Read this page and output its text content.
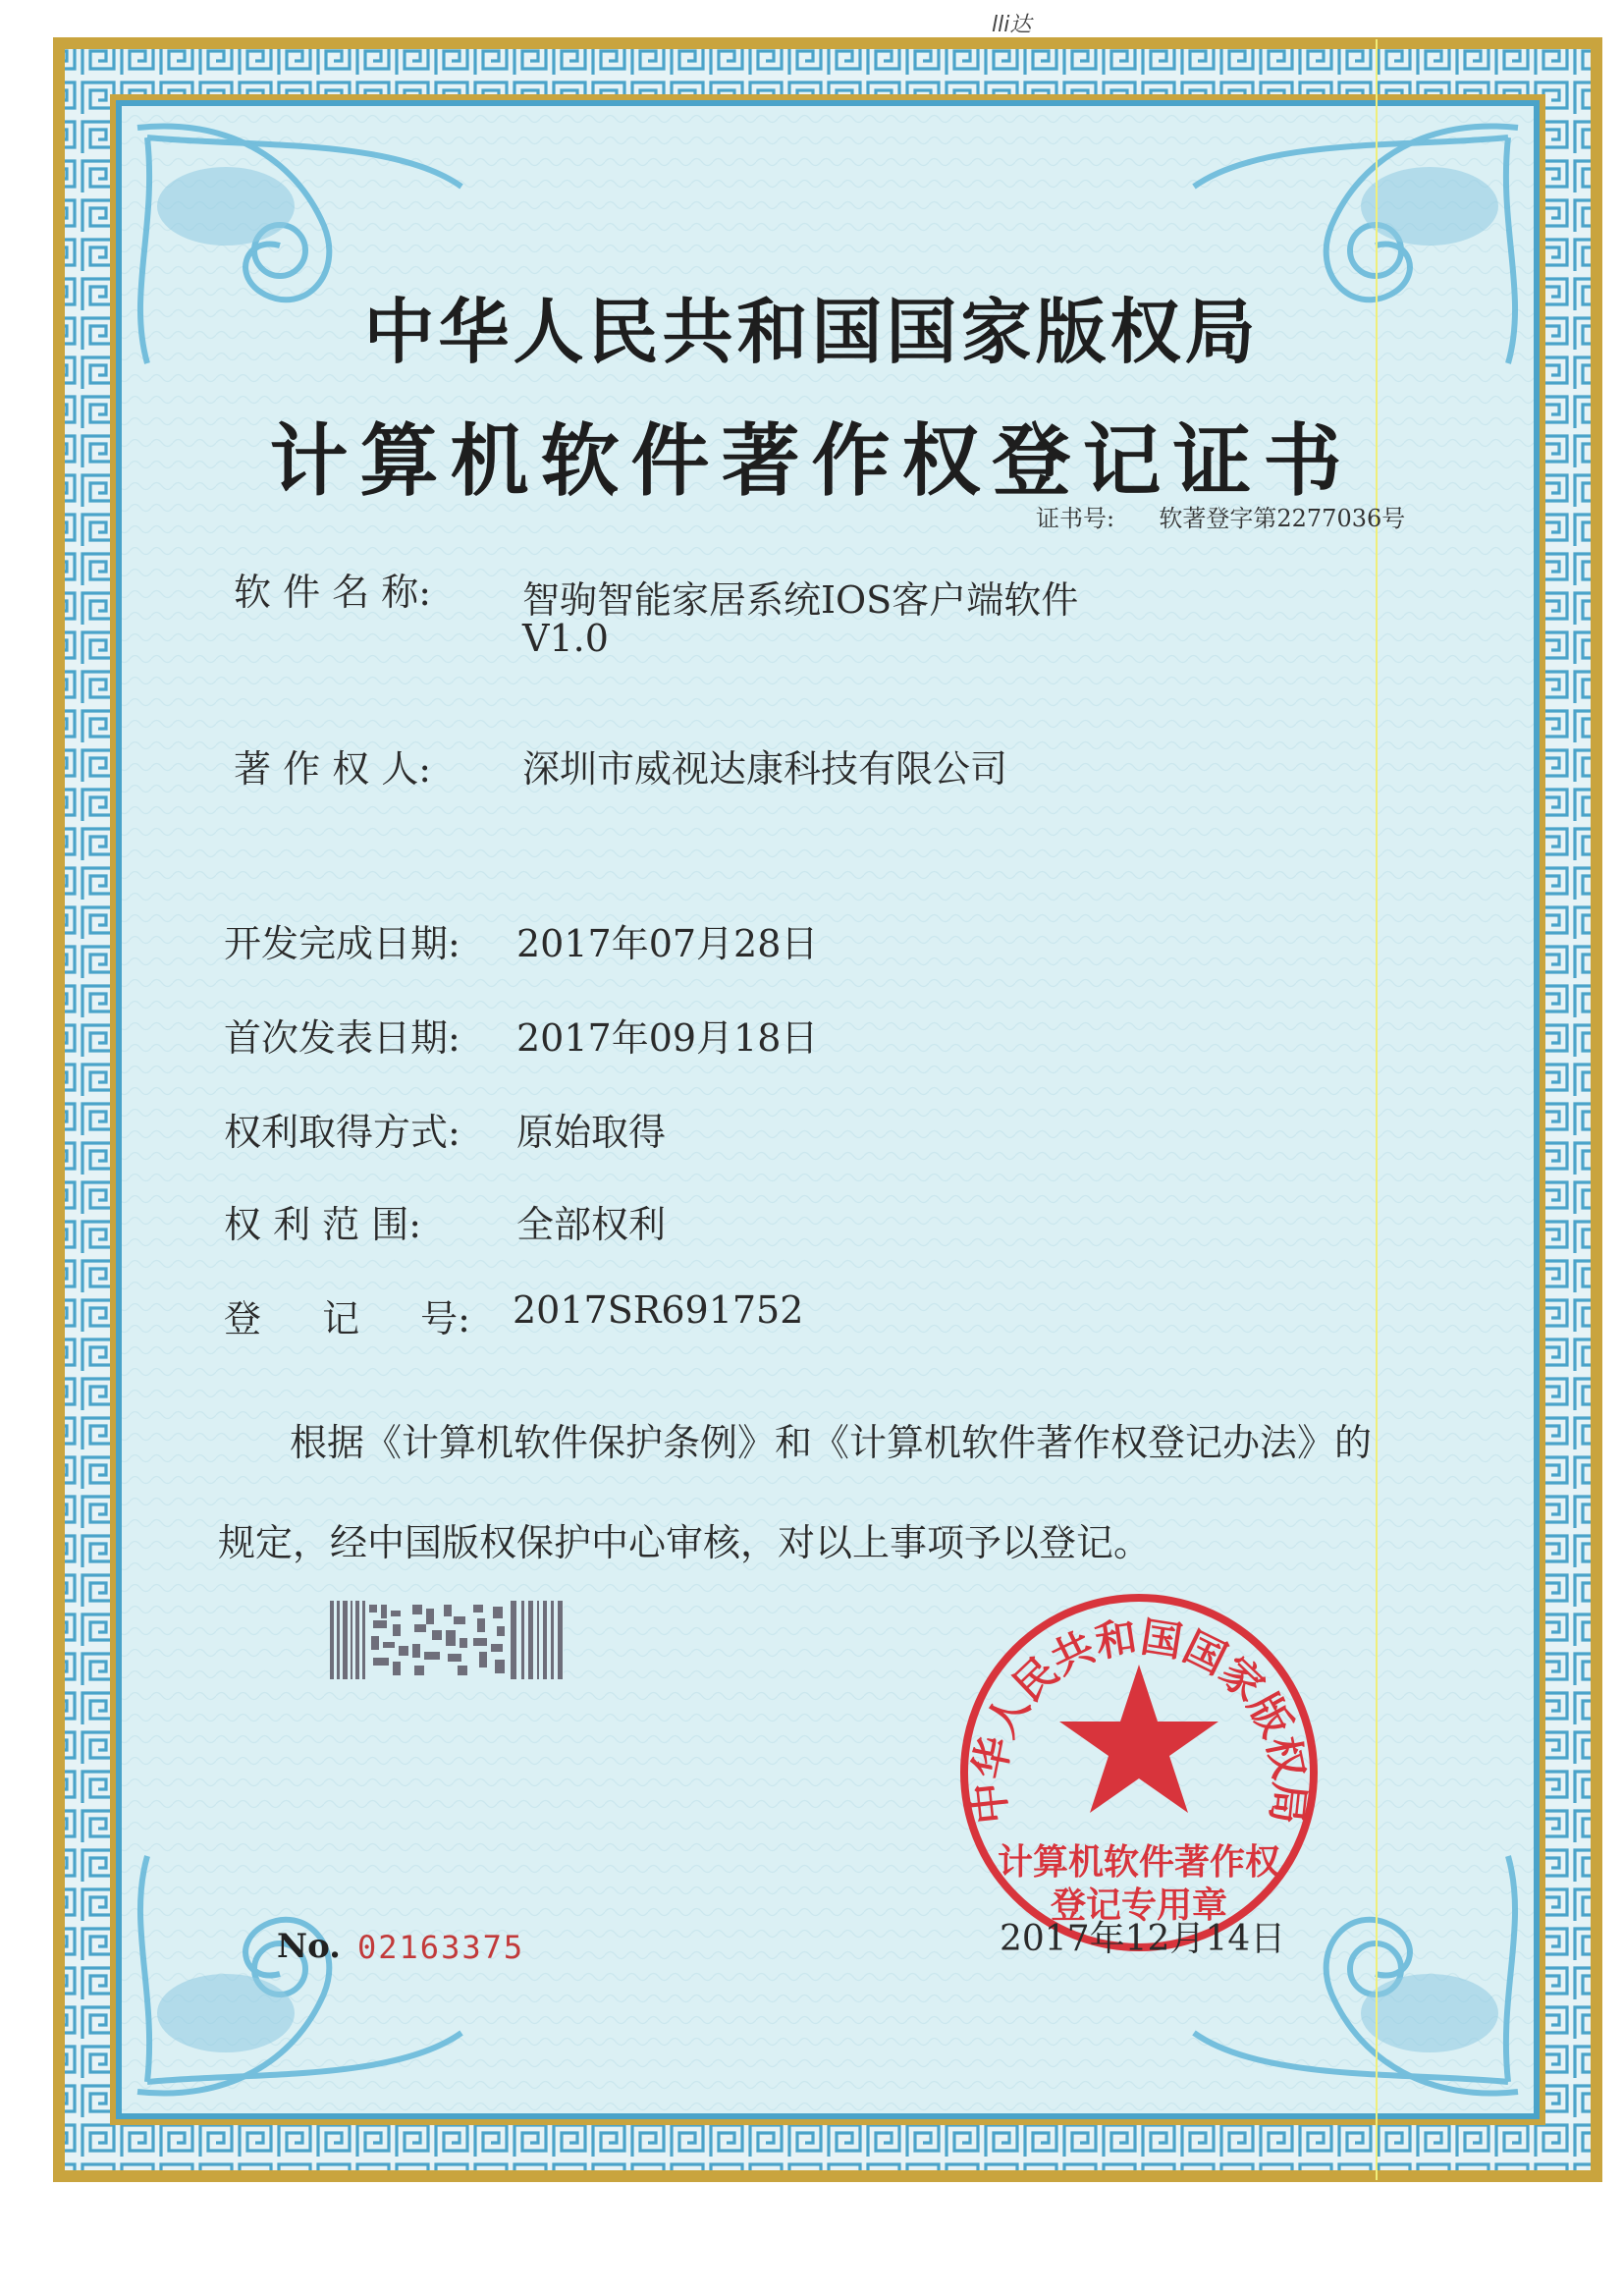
lli达
中华人民共和国国家版权局
计算机软件著作权登记证书
证书号: 软著登字第2277036号
软 件 名 称: 智驹智能家居系统IOS客户端软件
V1.0
著 作 权 人: 深圳市威视达康科技有限公司
开发完成日期: 2017年07月28日
首次发表日期: 2017年09月18日
权利取得方式: 原始取得
权 利 范 围:	全部权利
登 记 号: 2017SR691752
根据《计算机软件保护条例》和《计算机软件著作权登记办法》的
规定，经中国版权保护中心审核，对以上事项予以登记。
中华人民共和国国家版权局
计算机软件著作权
登记专用章
No. 02163375	2017年12月14日
